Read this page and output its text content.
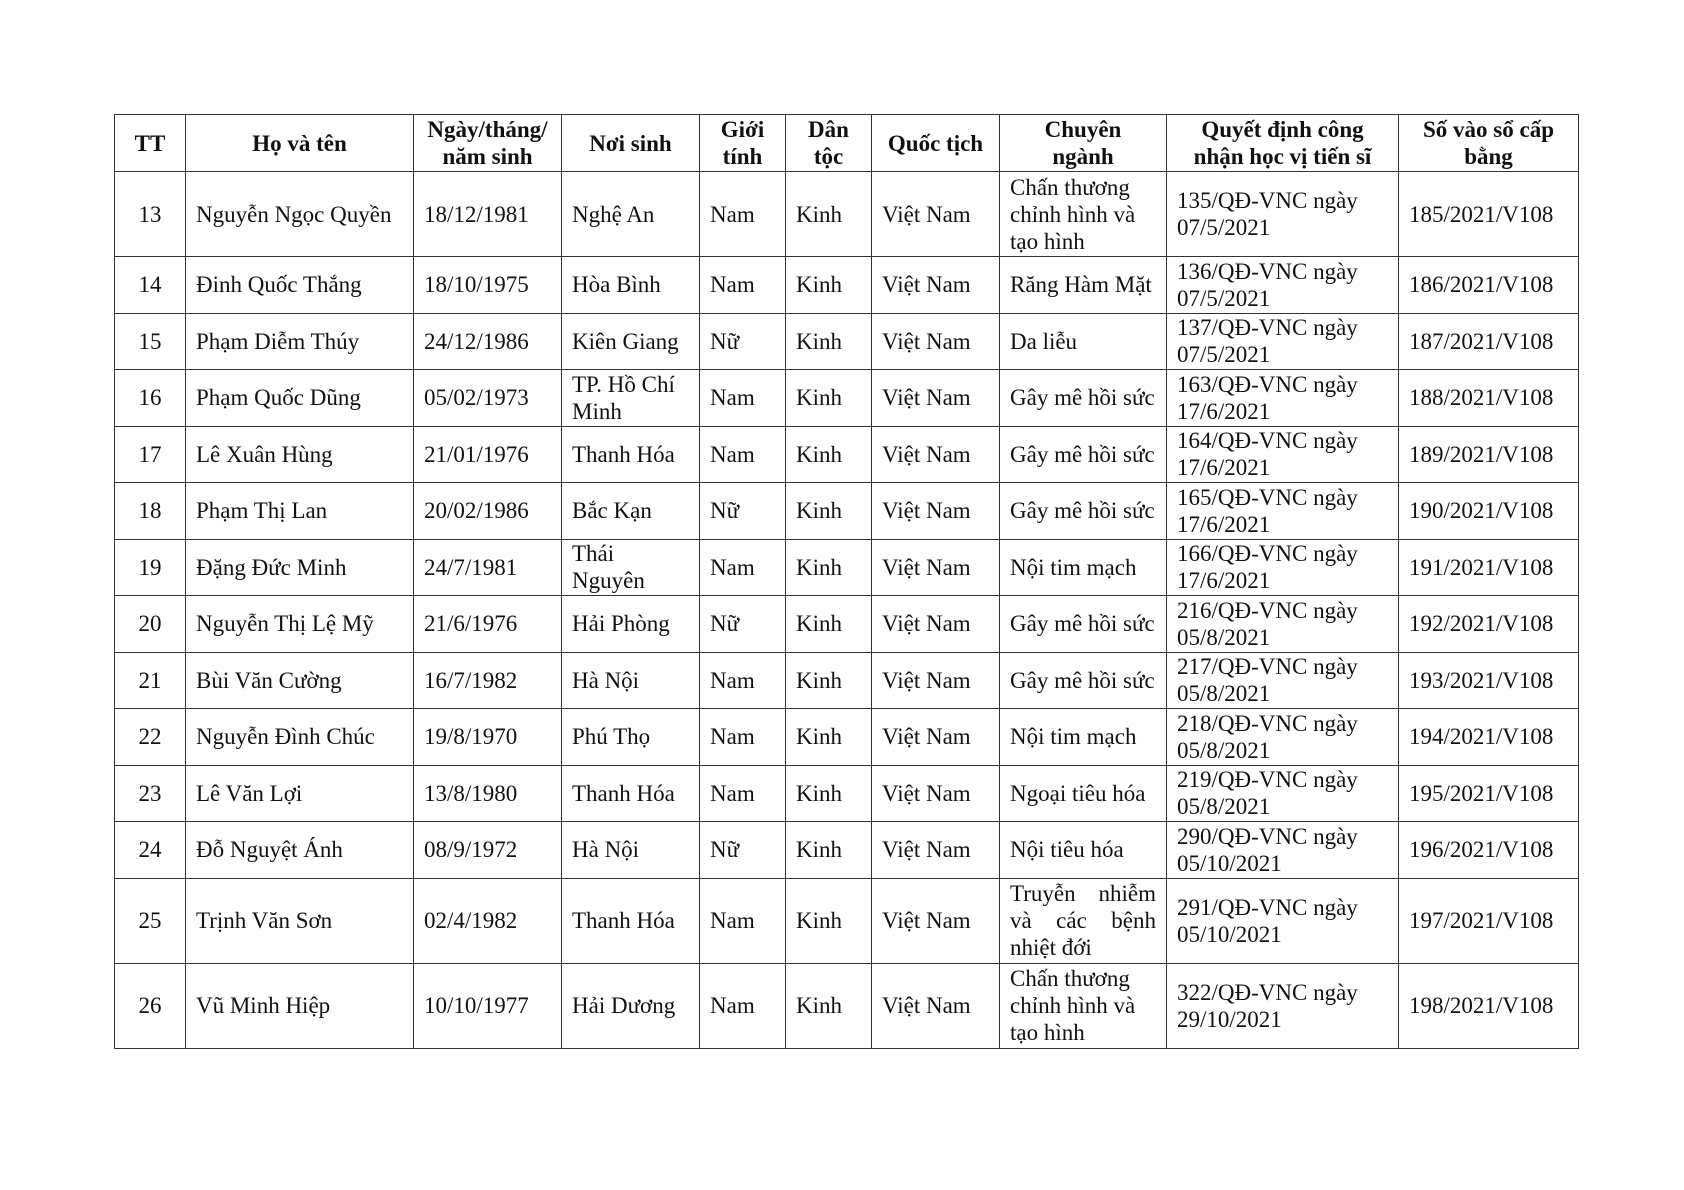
TT	Họ và tên	Ngày/tháng/ năm sinh	Nơi sinh	Giới tính	Dân tộc	Quốc tịch	Chuyên ngành	Quyết định công nhận học vị tiến sĩ	Số vào sổ cấp bằng
13	Nguyễn Ngọc Quyền	18/12/1981	Nghệ An	Nam	Kinh	Việt Nam	Chấn thương chỉnh hình và tạo hình	135/QĐ-VNC ngày 07/5/2021	185/2021/V108
14	Đinh Quốc Thắng	18/10/1975	Hòa Bình	Nam	Kinh	Việt Nam	Răng Hàm Mặt	136/QĐ-VNC ngày 07/5/2021	186/2021/V108
15	Phạm Diễm Thúy	24/12/1986	Kiên Giang	Nữ	Kinh	Việt Nam	Da liễu	137/QĐ-VNC ngày 07/5/2021	187/2021/V108
16	Phạm Quốc Dũng	05/02/1973	TP. Hồ Chí Minh	Nam	Kinh	Việt Nam	Gây mê hồi sức	163/QĐ-VNC ngày 17/6/2021	188/2021/V108
17	Lê Xuân Hùng	21/01/1976	Thanh Hóa	Nam	Kinh	Việt Nam	Gây mê hồi sức	164/QĐ-VNC ngày 17/6/2021	189/2021/V108
18	Phạm Thị Lan	20/02/1986	Bắc Kạn	Nữ	Kinh	Việt Nam	Gây mê hồi sức	165/QĐ-VNC ngày 17/6/2021	190/2021/V108
19	Đặng Đức Minh	24/7/1981	Thái Nguyên	Nam	Kinh	Việt Nam	Nội tim mạch	166/QĐ-VNC ngày 17/6/2021	191/2021/V108
20	Nguyễn Thị Lệ Mỹ	21/6/1976	Hải Phòng	Nữ	Kinh	Việt Nam	Gây mê hồi sức	216/QĐ-VNC ngày 05/8/2021	192/2021/V108
21	Bùi Văn Cường	16/7/1982	Hà Nội	Nam	Kinh	Việt Nam	Gây mê hồi sức	217/QĐ-VNC ngày 05/8/2021	193/2021/V108
22	Nguyễn Đình Chúc	19/8/1970	Phú Thọ	Nam	Kinh	Việt Nam	Nội tim mạch	218/QĐ-VNC ngày 05/8/2021	194/2021/V108
23	Lê Văn Lợi	13/8/1980	Thanh Hóa	Nam	Kinh	Việt Nam	Ngoại tiêu hóa	219/QĐ-VNC ngày 05/8/2021	195/2021/V108
24	Đỗ Nguyệt Ánh	08/9/1972	Hà Nội	Nữ	Kinh	Việt Nam	Nội tiêu hóa	290/QĐ-VNC ngày 05/10/2021	196/2021/V108
25	Trịnh Văn Sơn	02/4/1982	Thanh Hóa	Nam	Kinh	Việt Nam	Truyễn nhiễm và các bệnh nhiệt đới	291/QĐ-VNC ngày 05/10/2021	197/2021/V108
26	Vũ Minh Hiệp	10/10/1977	Hải Dương	Nam	Kinh	Việt Nam	Chấn thương chỉnh hình và tạo hình	322/QĐ-VNC ngày 29/10/2021	198/2021/V108
